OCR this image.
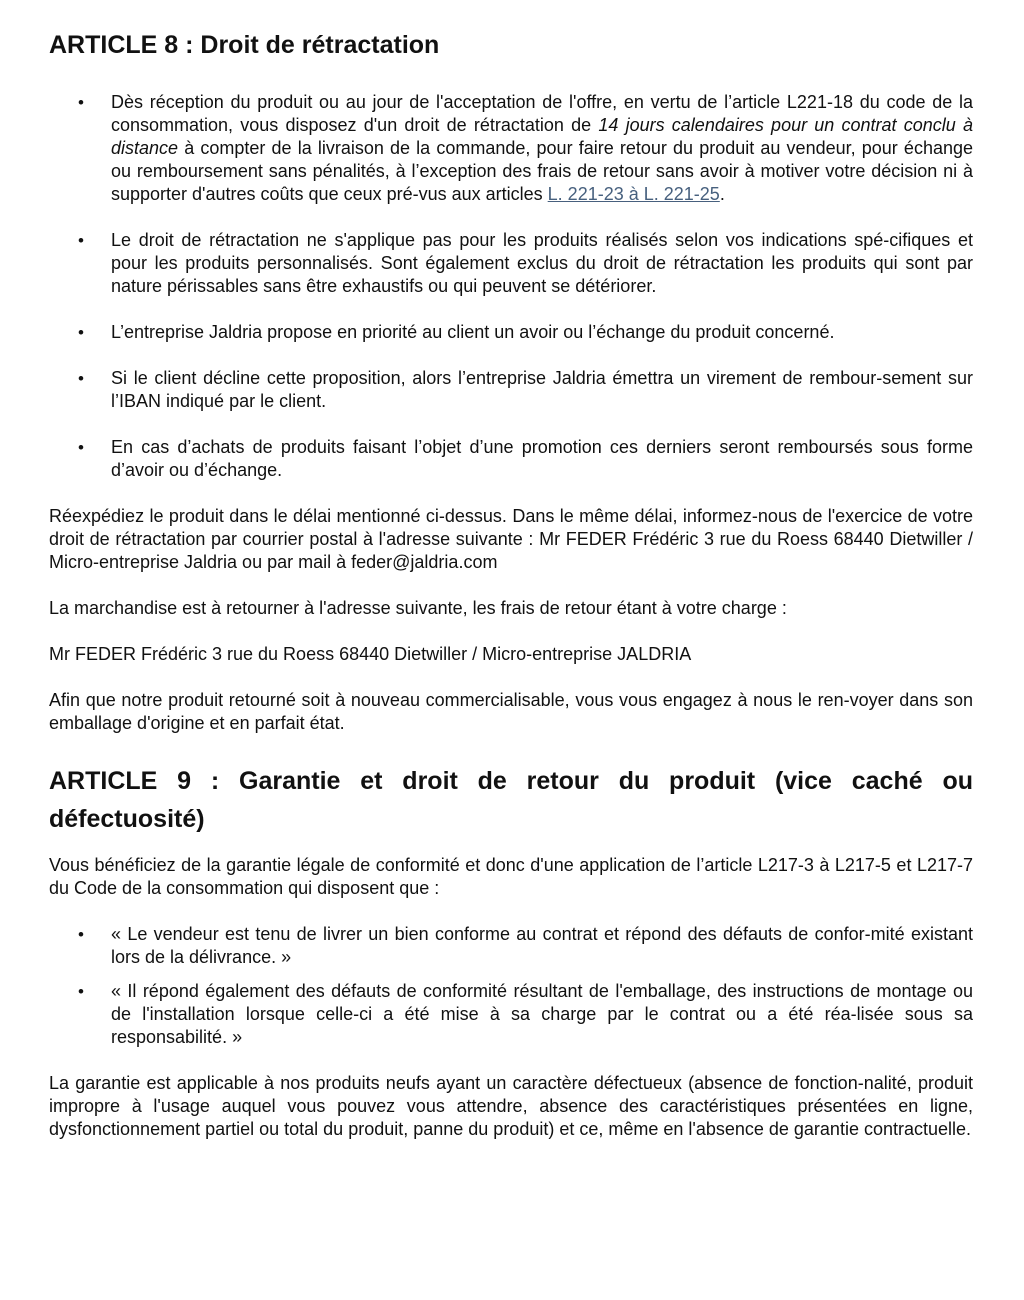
ARTICLE 8 : Droit de rétractation
• Dès réception du produit ou au jour de l'acceptation de l'offre, en vertu de l’article L221-18 du code de la consommation, vous disposez d'un droit de rétractation de 14 jours calendaires pour un contrat conclu à distance à compter de la livraison de la commande, pour faire retour du produit au vendeur, pour échange ou remboursement sans pénalités, à l’exception des frais de retour sans avoir à motiver votre décision ni à supporter d'autres coûts que ceux pré-vus aux articles L. 221-23 à L. 221-25.
• Le droit de rétractation ne s'applique pas pour les produits réalisés selon vos indications spé-cifiques et pour les produits personnalisés. Sont également exclus du droit de rétractation les produits qui sont par nature périssables sans être exhaustifs ou qui peuvent se détériorer.
• L’entreprise Jaldria propose en priorité au client un avoir ou l’échange du produit concerné.
• Si le client décline cette proposition, alors l’entreprise Jaldria émettra un virement de rembour-sement sur l’IBAN indiqué par le client.
• En cas d’achats de produits faisant l’objet d’une promotion ces derniers seront remboursés sous forme d’avoir ou d’échange.

Réexpédiez le produit dans le délai mentionné ci-dessus. Dans le même délai, informez-nous de l'exercice de votre droit de rétractation par courrier postal à l'adresse suivante : Mr FEDER Frédéric 3 rue du Roess 68440 Dietwiller / Micro-entreprise Jaldria ou par mail à feder@jaldria.com

La marchandise est à retourner à l'adresse suivante, les frais de retour étant à votre charge :

Mr FEDER Frédéric 3 rue du Roess 68440 Dietwiller / Micro-entreprise JALDRIA

Afin que notre produit retourné soit à nouveau commercialisable, vous vous engagez à nous le ren-voyer dans son emballage d'origine et en parfait état.

ARTICLE 9 : Garantie et droit de retour du produit (vice caché ou défectuosité)

Vous bénéficiez de la garantie légale de conformité et donc d'une application de l’article L217-3 à L217-5 et L217-7 du Code de la consommation qui disposent que :

• « Le vendeur est tenu de livrer un bien conforme au contrat et répond des défauts de confor-mité existant lors de la délivrance. »
• « Il répond également des défauts de conformité résultant de l'emballage, des instructions de montage ou de l'installation lorsque celle-ci a été mise à sa charge par le contrat ou a été réa-lisée sous sa responsabilité. »

La garantie est applicable à nos produits neufs ayant un caractère défectueux (absence de fonction-nalité, produit impropre à l'usage auquel vous pouvez vous attendre, absence des caractéristiques présentées en ligne, dysfonctionnement partiel ou total du produit, panne du produit) et ce, même en l'absence de garantie contractuelle.
